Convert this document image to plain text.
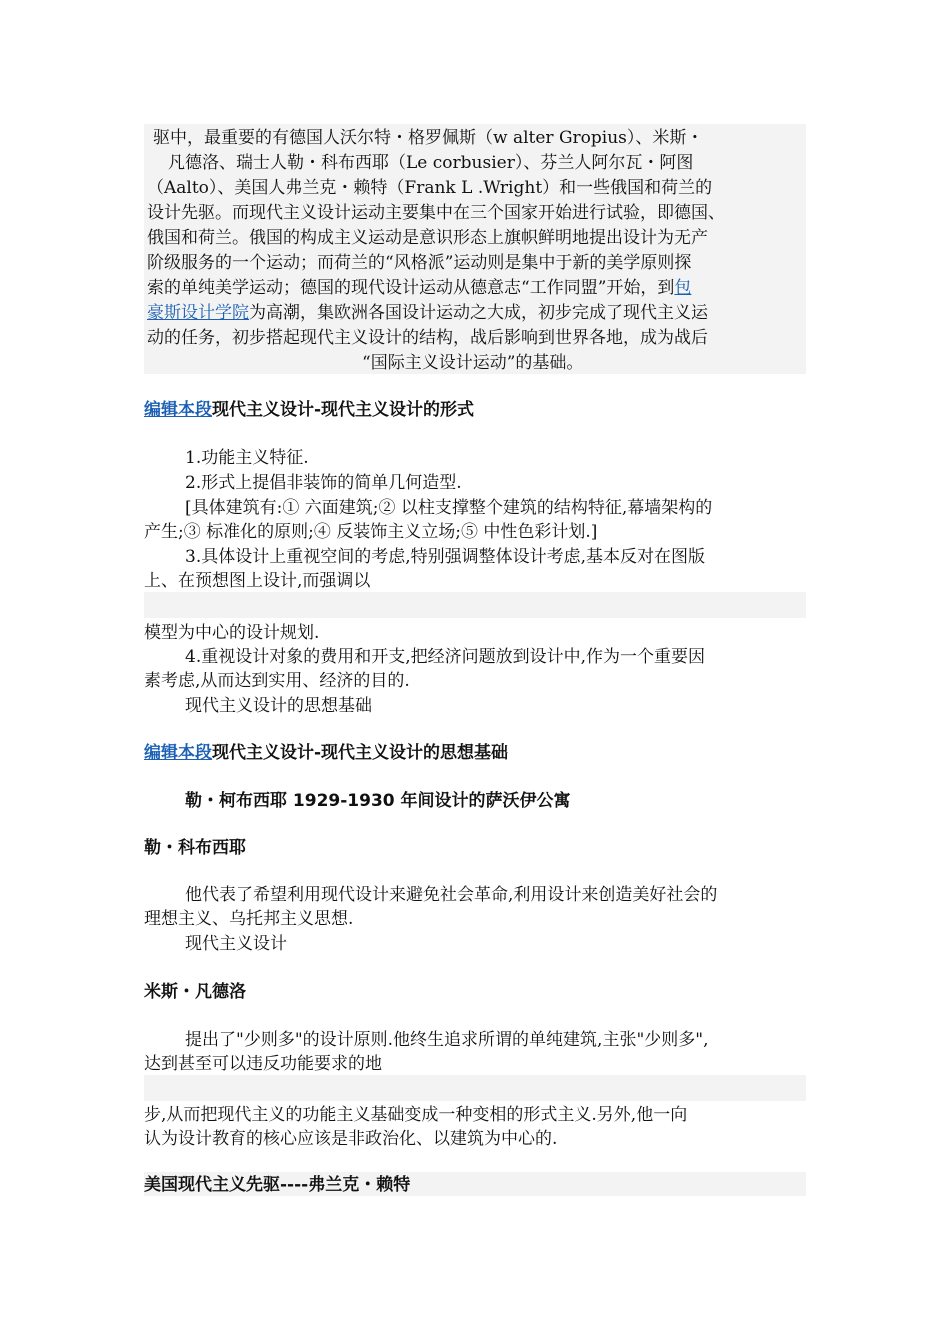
驱中，最重要的有德国人沃尔特・格罗佩斯（w alter Gropius）、米斯・
凡德洛、瑞士人勒・科布西耶（Le corbusier）、芬兰人阿尔瓦・阿图
（Aalto）、美国人弗兰克・赖特（Frank L .Wright）和一些俄国和荷兰的
设计先驱。而现代主义设计运动主要集中在三个国家开始进行试验，即德国、
俄国和荷兰。俄国的构成主义运动是意识形态上旗帜鲜明地提出设计为无产
阶级服务的一个运动；而荷兰的“风格派”运动则是集中于新的美学原则探
索的单纯美学运动；德国的现代设计运动从德意志“工作同盟”开始，到包
豪斯设计学院为高潮，集欧洲各国设计运动之大成，初步完成了现代主义运
动的任务，初步搭起现代主义设计的结构，战后影响到世界各地，成为战后
“国际主义设计运动”的基础。
编辑本段现代主义设计-现代主义设计的形式
1.功能主义特征.
2.形式上提倡非装饰的简单几何造型.
[具体建筑有:① 六面建筑;② 以柱支撑整个建筑的结构特征,幕墙架构的
产生;③ 标准化的原则;④ 反装饰主义立场;⑤ 中性色彩计划.]
3.具体设计上重视空间的考虑,特别强调整体设计考虑,基本反对在图版
上、在预想图上设计,而强调以
模型为中心的设计规划.
4.重视设计对象的费用和开支,把经济问题放到设计中,作为一个重要因
素考虑,从而达到实用、经济的目的.
现代主义设计的思想基础
编辑本段现代主义设计-现代主义设计的思想基础
勒・柯布西耶 1929-1930 年间设计的萨沃伊公寓
勒・科布西耶
他代表了希望利用现代设计来避免社会革命,利用设计来创造美好社会的
理想主义、乌托邦主义思想.
现代主义设计
米斯・凡德洛
提出了"少则多"的设计原则.他终生追求所谓的单纯建筑,主张"少则多",
达到甚至可以违反功能要求的地
步,从而把现代主义的功能主义基础变成一种变相的形式主义.另外,他一向
认为设计教育的核心应该是非政治化、以建筑为中心的.
美国现代主义先驱----弗兰克・赖特
